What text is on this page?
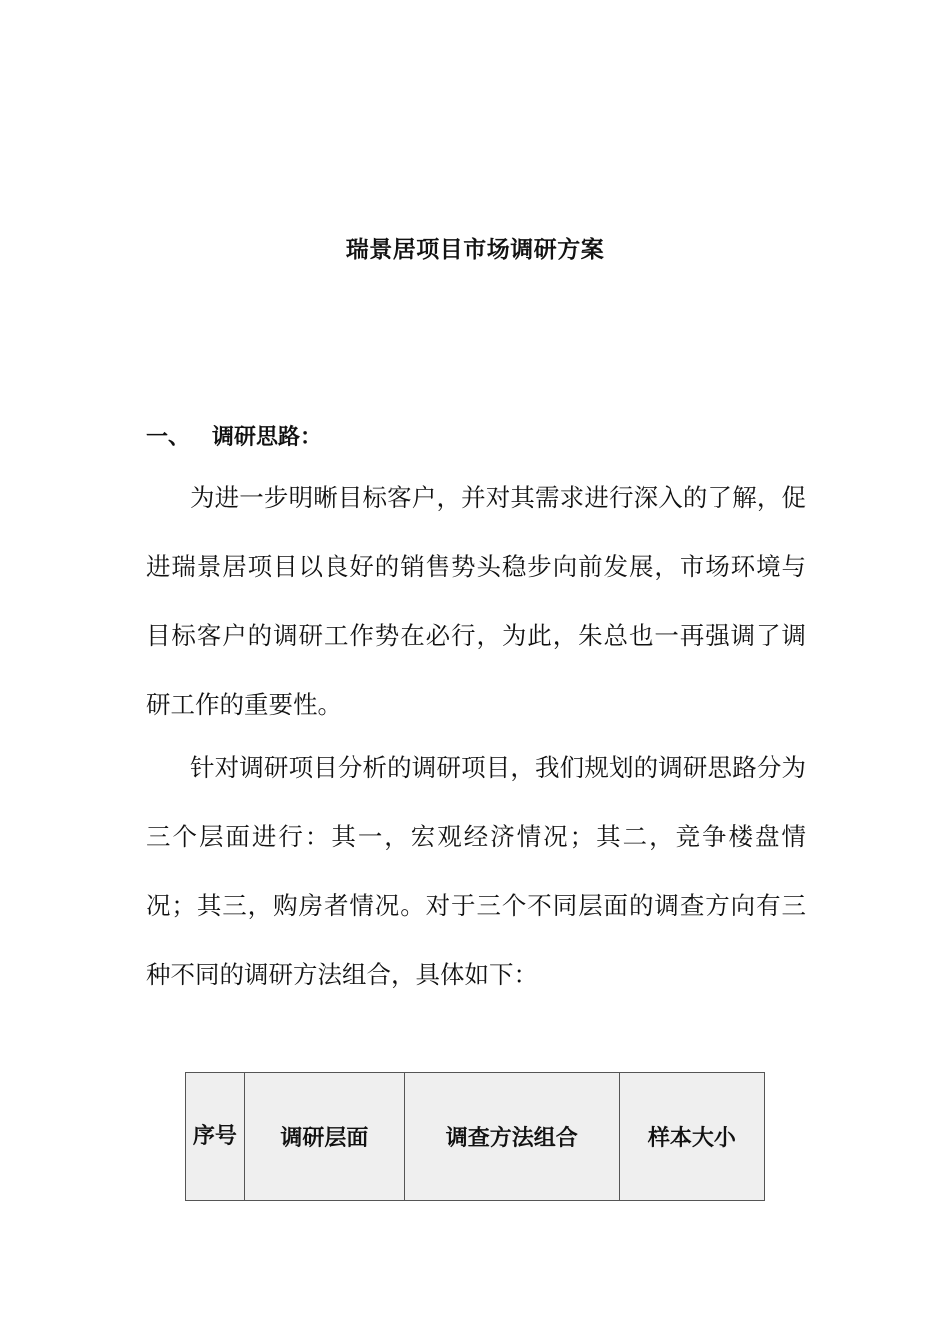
瑞景居项目市场调研方案
一、 调研思路：

为进一步明晰目标客户，并对其需求进行深入的了解，促进瑞景居项目以良好的销售势头稳步向前发展，市场环境与目标客户的调研工作势在必行，为此，朱总也一再强调了调研工作的重要性。

针对调研项目分析的调研项目，我们规划的调研思路分为三个层面进行：其一，宏观经济情况；其二，竞争楼盘情况；其三，购房者情况。对于三个不同层面的调查方向有三种不同的调研方法组合，具体如下：

序号	调研层面	调查方法组合	样本大小
